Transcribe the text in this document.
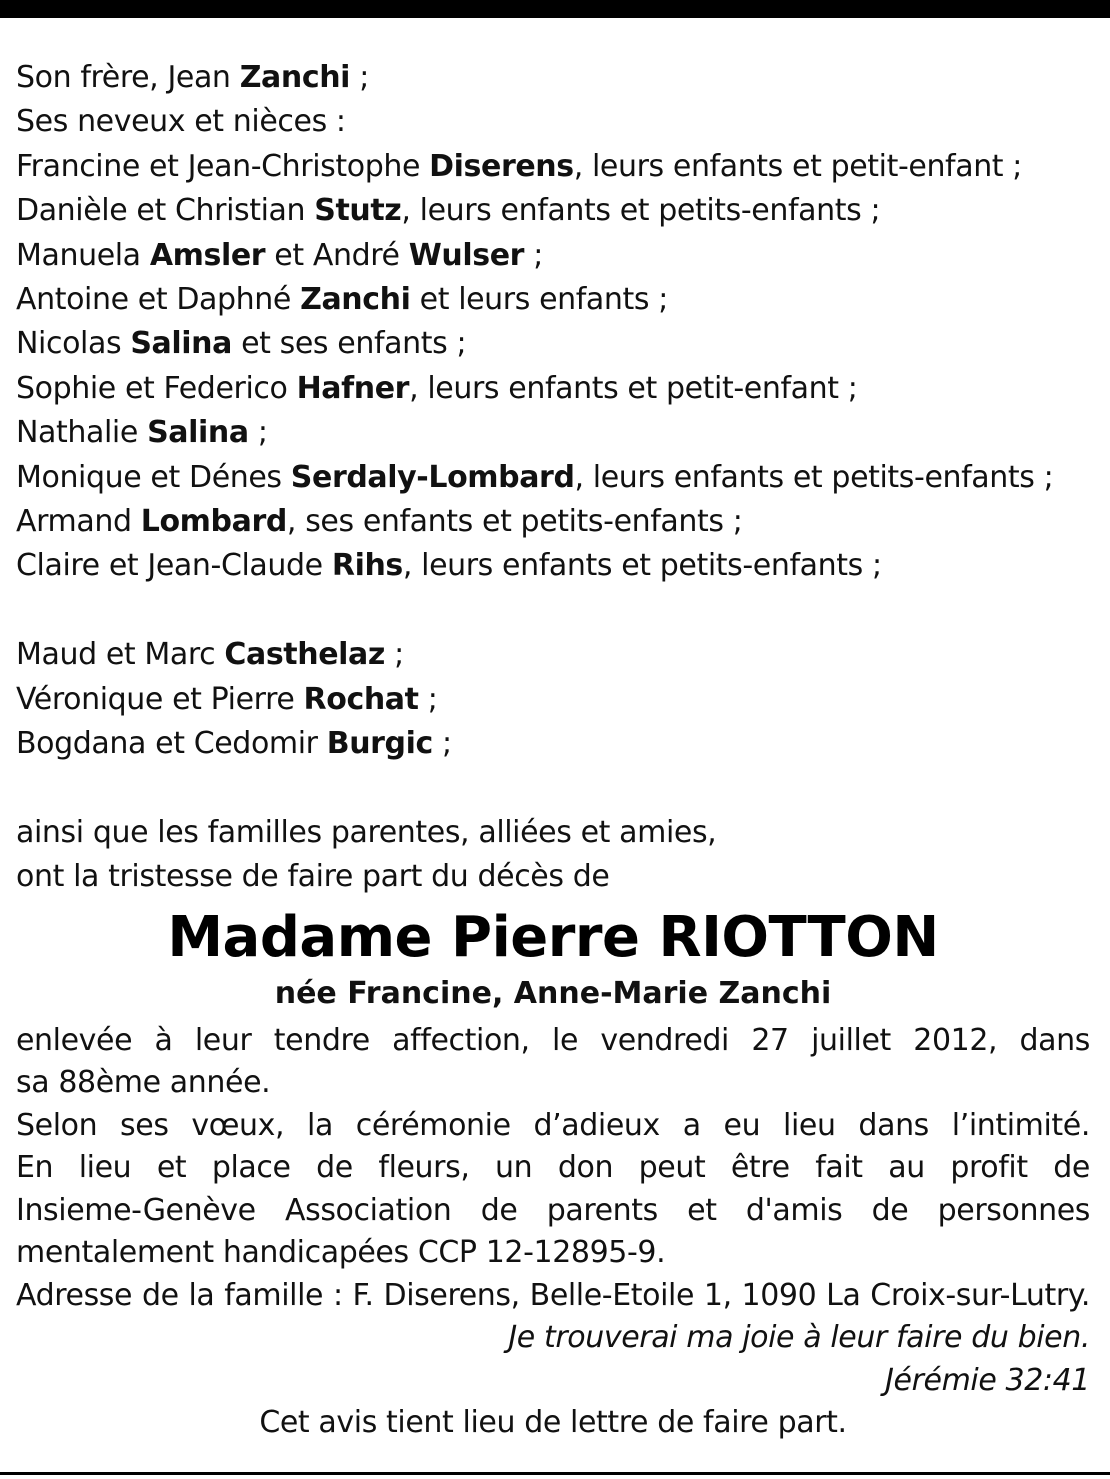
Son frère, Jean Zanchi ;
Ses neveux et nièces :
Francine et Jean-Christophe Diserens, leurs enfants et petit-enfant ;
Danièle et Christian Stutz, leurs enfants et petits-enfants ;
Manuela Amsler et André Wulser ;
Antoine et Daphné Zanchi et leurs enfants ;
Nicolas Salina et ses enfants ;
Sophie et Federico Hafner, leurs enfants et petit-enfant ;
Nathalie Salina ;
Monique et Dénes Serdaly-Lombard, leurs enfants et petits-enfants ;
Armand Lombard, ses enfants et petits-enfants ;
Claire et Jean-Claude Rihs, leurs enfants et petits-enfants ;
Maud et Marc Casthelaz ;
Véronique et Pierre Rochat ;
Bogdana et Cedomir Burgic ;
ainsi que les familles parentes, alliées et amies,
ont la tristesse de faire part du décès de
Madame Pierre RIOTTON
née Francine, Anne-Marie Zanchi
enlevée à leur tendre affection, le vendredi 27 juillet 2012, dans
sa 88ème année.
Selon ses vœux, la cérémonie d’adieux a eu lieu dans l’intimité.
En lieu et place de fleurs, un don peut être fait au profit de
Insieme-Genève Association de parents et d'amis de personnes
mentalement handicapées CCP 12-12895-9.
Adresse de la famille : F. Diserens, Belle-Etoile 1, 1090 La Croix-sur-Lutry.
Je trouverai ma joie à leur faire du bien.
Jérémie 32:41
Cet avis tient lieu de lettre de faire part.
